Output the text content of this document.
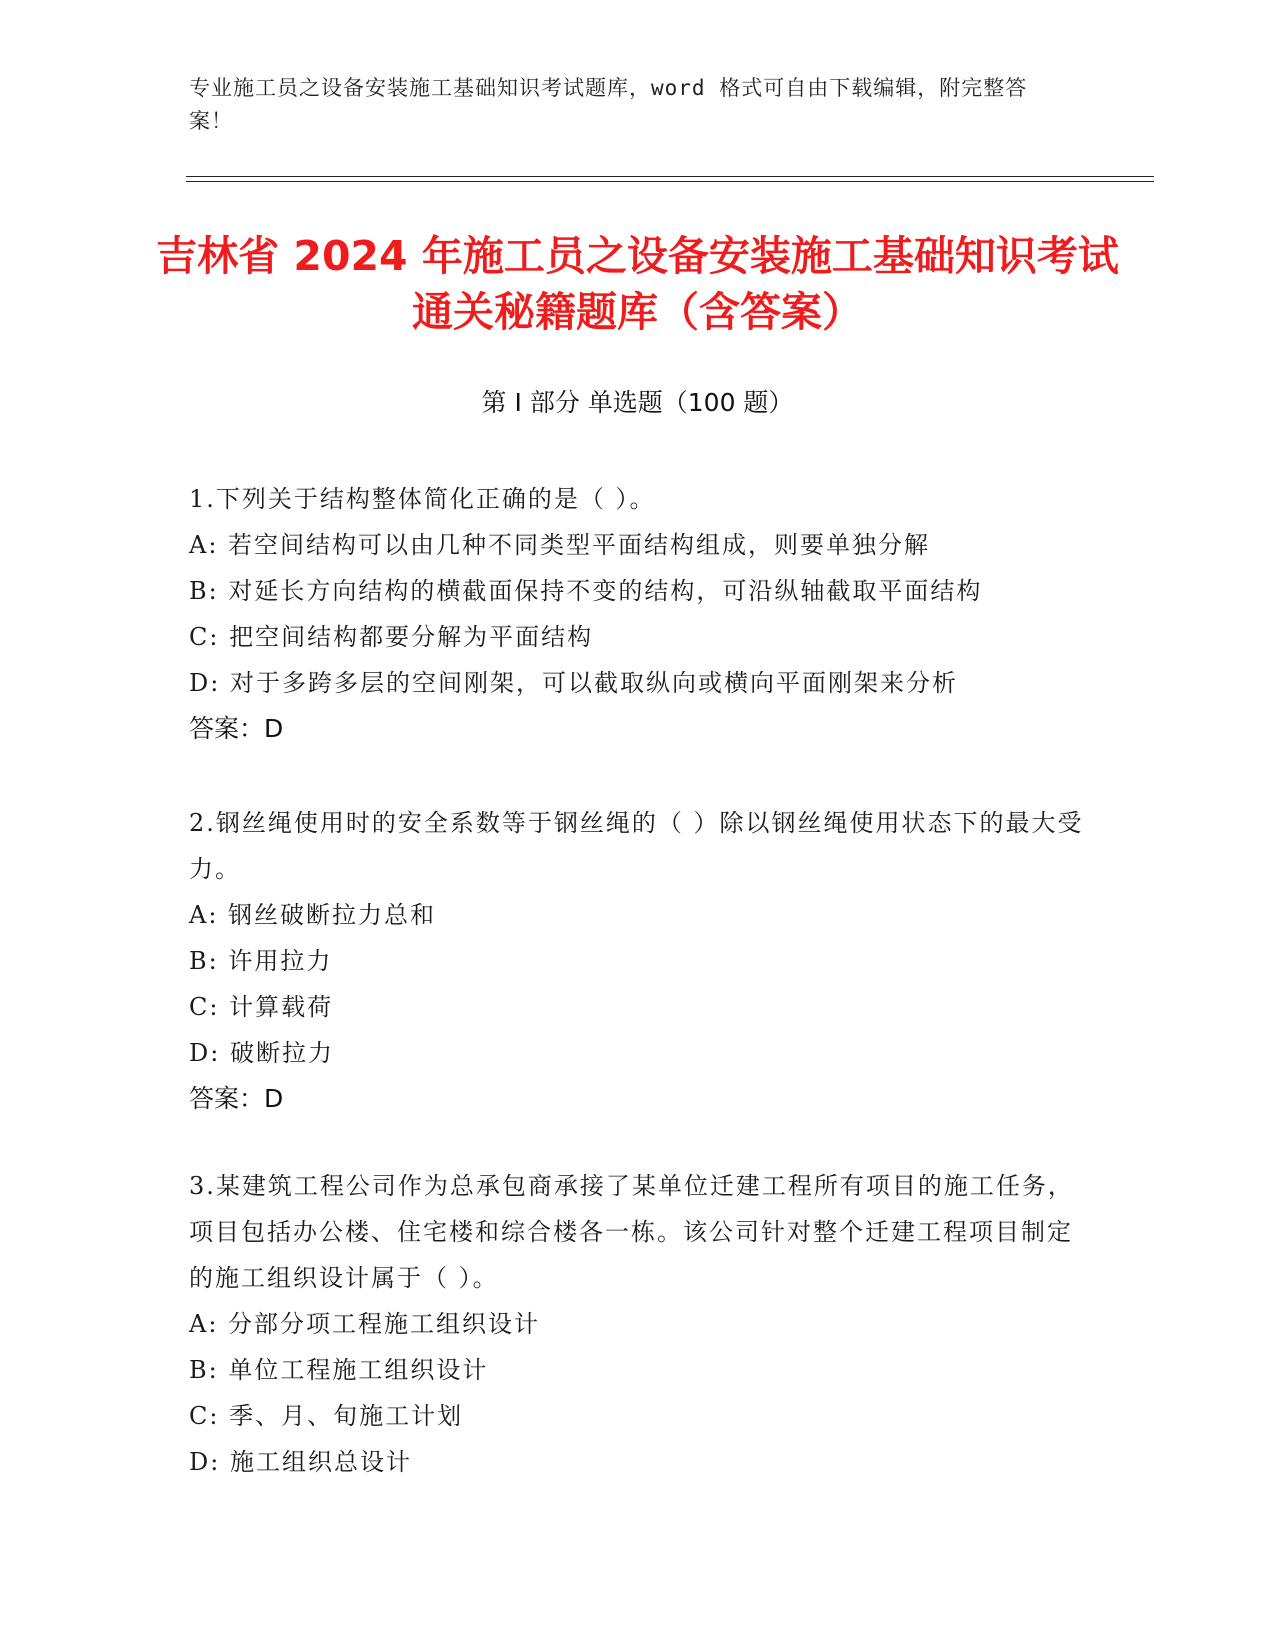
专业施工员之设备安装施工基础知识考试题库，word 格式可自由下载编辑，附完整答案！
吉林省 2024 年施工员之设备安装施工基础知识考试通关秘籍题库（含答案）
第 I 部分 单选题（100 题）
1.下列关于结构整体简化正确的是（ ）。
A: 若空间结构可以由几种不同类型平面结构组成，则要单独分解
B: 对延长方向结构的横截面保持不变的结构，可沿纵轴截取平面结构
C: 把空间结构都要分解为平面结构
D: 对于多跨多层的空间刚架，可以截取纵向或横向平面刚架来分析
答案：D
2.钢丝绳使用时的安全系数等于钢丝绳的（ ）除以钢丝绳使用状态下的最大受力。
A: 钢丝破断拉力总和
B: 许用拉力
C: 计算载荷
D: 破断拉力
答案：D
3.某建筑工程公司作为总承包商承接了某单位迁建工程所有项目的施工任务，项目包括办公楼、住宅楼和综合楼各一栋。该公司针对整个迁建工程项目制定的施工组织设计属于（ ）。
A: 分部分项工程施工组织设计
B: 单位工程施工组织设计
C: 季、月、旬施工计划
D: 施工组织总设计
